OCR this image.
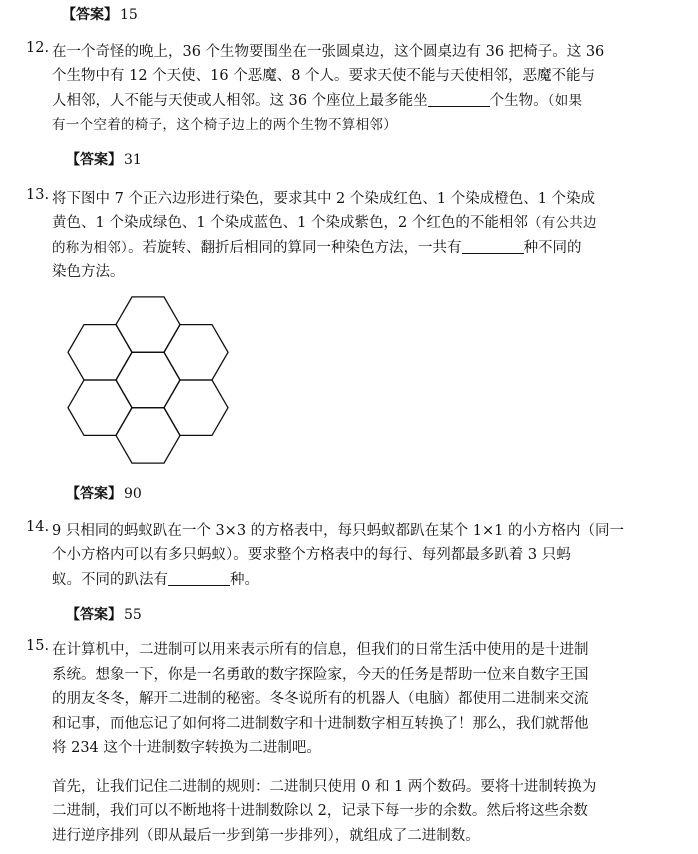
【答案】 15
【答案】 31
【答案】 90
【答案】 55
12. 在一个奇怪的晚上，36 个生物要围坐在一张圆桌边，这个圆桌边有 36 把椅子。这 36
个生物中有 12 个天使、16 个恶魔、8 个人。要求天使不能与天使相邻，恶魔不能与
人相邻，人不能与天使或人相邻。这 36 个座位上最多能坐	个生物。（如果
有一个空着的椅子，这个椅子边上的两个生物不算相邻）
13. 将下图中 7 个正六边形进行染色，要求其中 2 个染成红色、1 个染成橙色、1 个染成
黄色、1 个染成绿色、1 个染成蓝色、1 个染成紫色，2 个红色的不能相邻（有公共边
的称为相邻）。若旋转、翻折后相同的算同一种染色方法，一共有	种不同的
染色方法。
14. 9 只相同的蚂蚁趴在一个 3×3 的方格表中，每只蚂蚁都趴在某个 1×1 的小方格内（同一
个小方格内可以有多只蚂蚁）。要求整个方格表中的每行、每列都最多趴着 3 只蚂
蚁。不同的趴法有	种。
15. 在计算机中，二进制可以用来表示所有的信息，但我们的日常生活中使用的是十进制
系统。想象一下，你是一名勇敢的数字探险家，今天的任务是帮助一位来自数字王国
的朋友冬冬，解开二进制的秘密。冬冬说所有的机器人（电脑）都使用二进制来交流
和记事，而他忘记了如何将二进制数字和十进制数字相互转换了！那么，我们就帮他
将 234 这个十进制数字转换为二进制吧。
首先，让我们记住二进制的规则：二进制只使用 0 和 1 两个数码。要将十进制转换为
二进制，我们可以不断地将十进制数除以 2，记录下每一步的余数。然后将这些余数
进行逆序排列（即从最后一步到第一步排列），就组成了二进制数。
